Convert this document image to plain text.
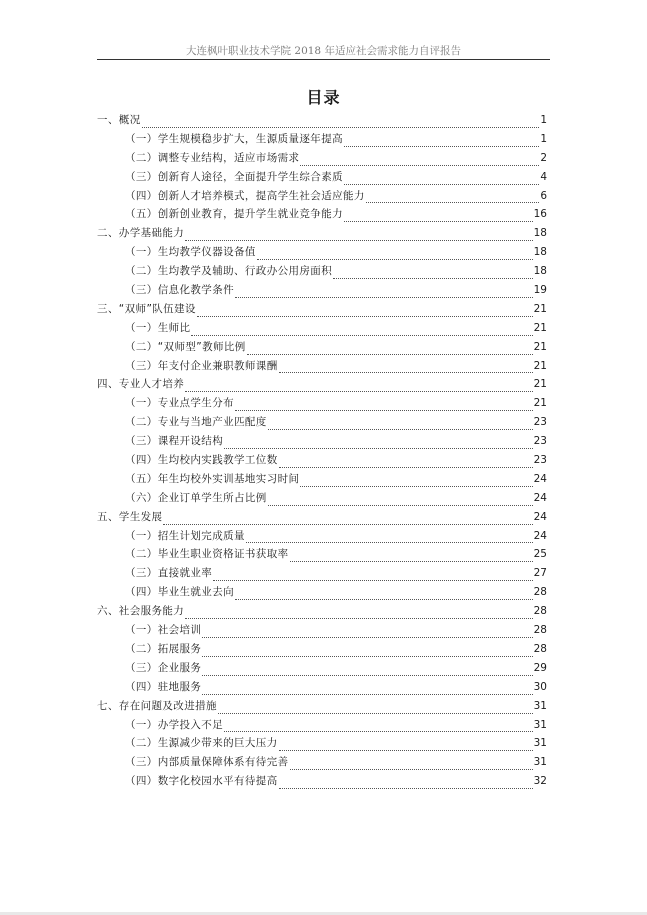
大连枫叶职业技术学院 2018 年适应社会需求能力自评报告
目录
一、概况	1
（一）学生规模稳步扩大，生源质量逐年提高	1
（二）调整专业结构，适应市场需求	2
（三）创新育人途径，全面提升学生综合素质	4
（四）创新人才培养模式，提高学生社会适应能力	6
（五）创新创业教育，提升学生就业竞争能力	16
二、办学基础能力	18
（一）生均教学仪器设备值	18
（二）生均教学及辅助、行政办公用房面积	18
（三）信息化教学条件	19
三、“双师”队伍建设	21
（一）生师比	21
（二）“双师型”教师比例	21
（三）年支付企业兼职教师课酬	21
四、专业人才培养	21
（一）专业点学生分布	21
（二）专业与当地产业匹配度	23
（三）课程开设结构	23
（四）生均校内实践教学工位数	23
（五）年生均校外实训基地实习时间	24
（六）企业订单学生所占比例	24
五、学生发展	24
（一）招生计划完成质量	24
（二）毕业生职业资格证书获取率	25
（三）直接就业率	27
（四）毕业生就业去向	28
六、社会服务能力	28
（一）社会培训	28
（二）拓展服务	28
（三）企业服务	29
（四）驻地服务	30
七、存在问题及改进措施	31
（一）办学投入不足	31
（二）生源减少带来的巨大压力	31
（三）内部质量保障体系有待完善	31
（四）数字化校园水平有待提高	32
